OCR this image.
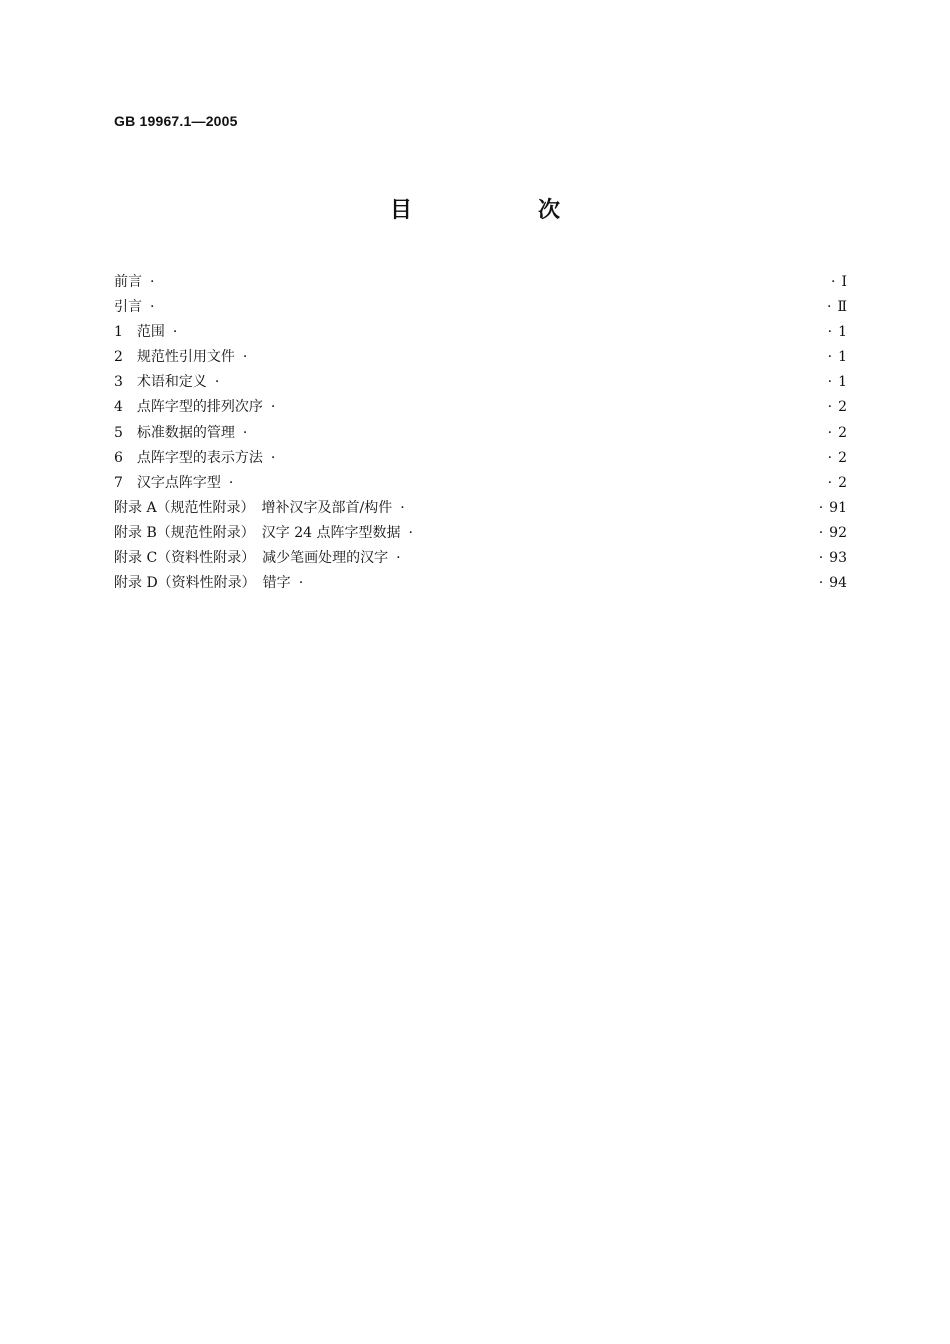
GB 19967.1—2005
目　次
前言 ·	· Ⅰ
引言 ·	· Ⅱ
1　范围 ·	· 1
2　规范性引用文件 ·	· 1
3　术语和定义 ·	· 1
4　点阵字型的排列次序 ·	· 2
5　标准数据的管理 ·	· 2
6　点阵字型的表示方法 ·	· 2
7　汉字点阵字型 ·	· 2
附录 A（规范性附录）　增补汉字及部首/构件 ·	· 91
附录 B（规范性附录）　汉字 24 点阵字型数据 ·	· 92
附录 C（资料性附录）　减少笔画处理的汉字 ·	· 93
附录 D（资料性附录）　错字 ·	· 94
